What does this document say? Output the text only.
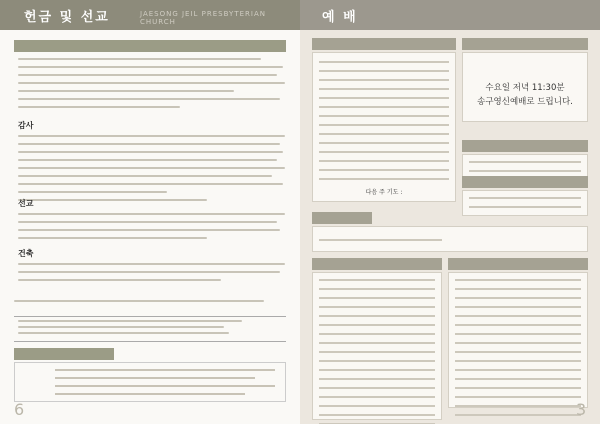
헌금 및 선교	JAESONG JEIL PRESBYTERIAN CHURCH
감사
선교
건축
6
예 배
다음 주 기도 :
수요일 저녁 11:30분
송구영신예배로 드립니다.

3
